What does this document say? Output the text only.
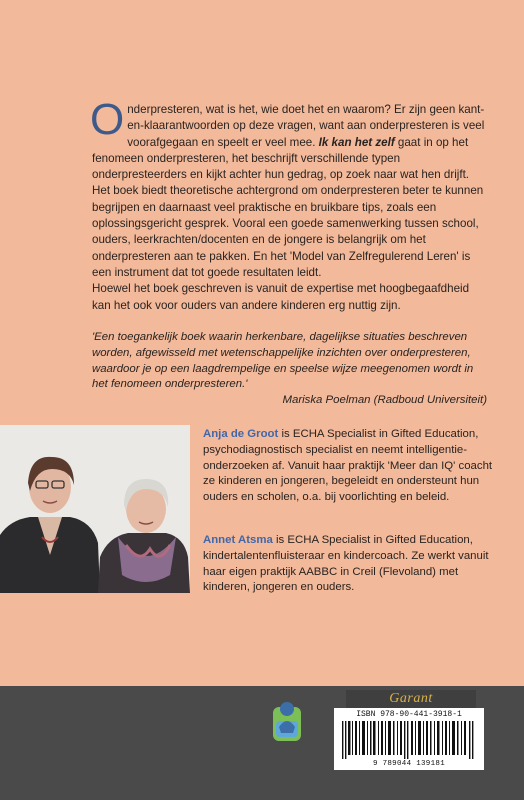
Onderpresteren, wat is het, wie doet het en waarom? Er zijn geen kant-en-klaarantwoorden op deze vragen, want aan onderpresteren is veel voorafgegaan en speelt er veel mee. Ik kan het zelf gaat in op het fenomeen onderpresteren, het beschrijft verschillende typen onderpresteerders en kijkt achter hun gedrag, op zoek naar wat hen drijft.

Het boek biedt theoretische achtergrond om onderpresteren beter te kunnen begrijpen en daarnaast veel praktische en bruikbare tips, zoals een oplossingsgericht gesprek. Vooral een goede samenwerking tussen school, ouders, leerkrachten/docenten en de jongere is belangrijk om het onderpresteren aan te pakken. En het 'Model van Zelfregulerend Leren' is een instrument dat tot goede resultaten leidt.

Hoewel het boek geschreven is vanuit de expertise met hoogbegaafdheid kan het ook voor ouders van andere kinderen erg nuttig zijn.

'Een toegankelijk boek waarin herkenbare, dagelijkse situaties beschreven worden, afgewisseld met wetenschappelijke inzichten over onderpresteren, waardoor je op een laagdrempelige en speelse wijze meegenomen wordt in het fenomeen onderpresteren.'
Mariska Poelman (Radboud Universiteit)
Anja de Groot is ECHA Specialist in Gifted Education, psychodiagnostisch specialist en neemt intelligentie-onderzoeken af. Vanuit haar praktijk 'Meer dan IQ' coacht ze kinderen en jongeren, begeleidt en ondersteunt hun ouders en scholen, o.a. bij voorlichting en beleid.
Annet Atsma is ECHA Specialist in Gifted Education, kindertalentenfluisteraar en kindercoach. Ze werkt vanuit haar eigen praktijk AABBC in Creil (Flevoland) met kinderen, jongeren en ouders.
Garant
ISBN 978-90-441-3918-1
9 789044 139181
